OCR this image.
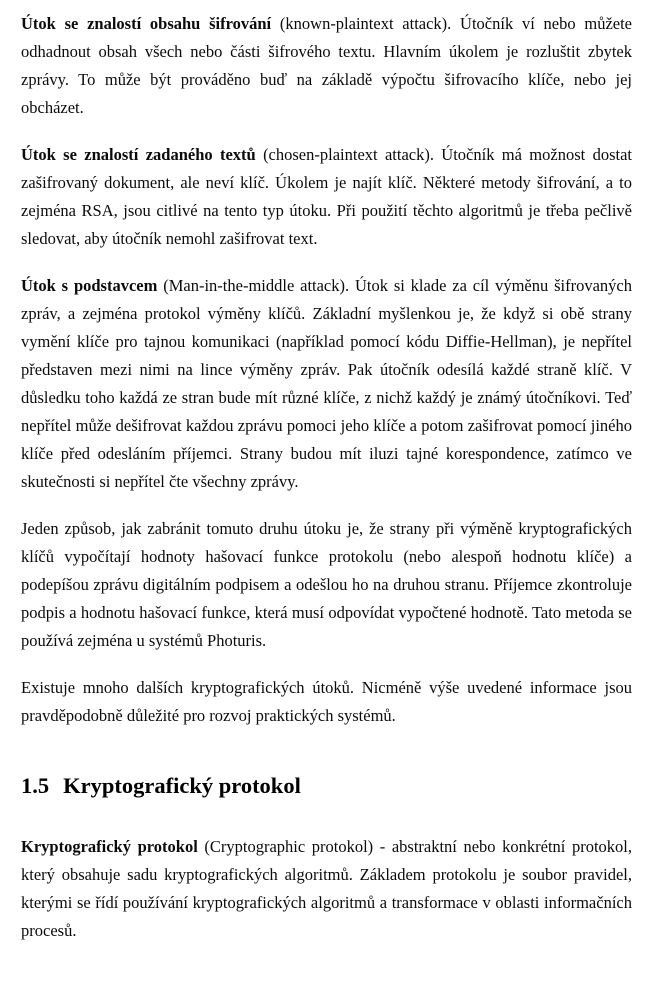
Útok se znalostí obsahu šifrování (known-plaintext attack). Útočník ví nebo můžete odhadnout obsah všech nebo části šifrového textu. Hlavním úkolem je rozluštit zbytek zprávy. To může být prováděno buď na základě výpočtu šifrovacího klíče, nebo jej obcházet.

Útok se znalostí zadaného textů (chosen-plaintext attack). Útočník má možnost dostat zašifrovaný dokument, ale neví klíč. Úkolem je najít klíč. Některé metody šifrování, a to zejména RSA, jsou citlivé na tento typ útoku. Při použití těchto algoritmů je třeba pečlivě sledovat, aby útočník nemohl zašifrovat text.

Útok s podstavcem (Man-in-the-middle attack). Útok si klade za cíl výměnu šifrovaných zpráv, a zejména protokol výměny klíčů. Základní myšlenkou je, že když si obě strany vymění klíče pro tajnou komunikaci (například pomocí kódu Diffie-Hellman), je nepřítel představen mezi nimi na lince výměny zpráv. Pak útočník odesílá každé straně klíč. V důsledku toho každá ze stran bude mít různé klíče, z nichž každý je známý útočníkovi. Teď nepřítel může dešifrovat každou zprávu pomoci jeho klíče a potom zašifrovat pomocí jiného klíče před odesláním příjemci. Strany budou mít iluzi tajné korespondence, zatímco ve skutečnosti si nepřítel čte všechny zprávy.

Jeden způsob, jak zabránit tomuto druhu útoku je, že strany při výměně kryptografických klíčů vypočítají hodnoty hašovací funkce protokolu (nebo alespoň hodnotu klíče) a podepíšou zprávu digitálním podpisem a odešlou ho na druhou stranu. Příjemce zkontroluje podpis a hodnotu hašovací funkce, která musí odpovídat vypočtené hodnotě. Tato metoda se používá zejména u systémů Photuris.

Existuje mnoho dalších kryptografických útoků. Nicméně výše uvedené informace jsou pravděpodobně důležité pro rozvoj praktických systémů.

1.5 Kryptografický protokol

Kryptografický protokol (Cryptographic protokol) - abstraktní nebo konkrétní protokol, který obsahuje sadu kryptografických algoritmů. Základem protokolu je soubor pravidel, kterými se řídí používání kryptografických algoritmů a transformace v oblasti informačních procesů.
